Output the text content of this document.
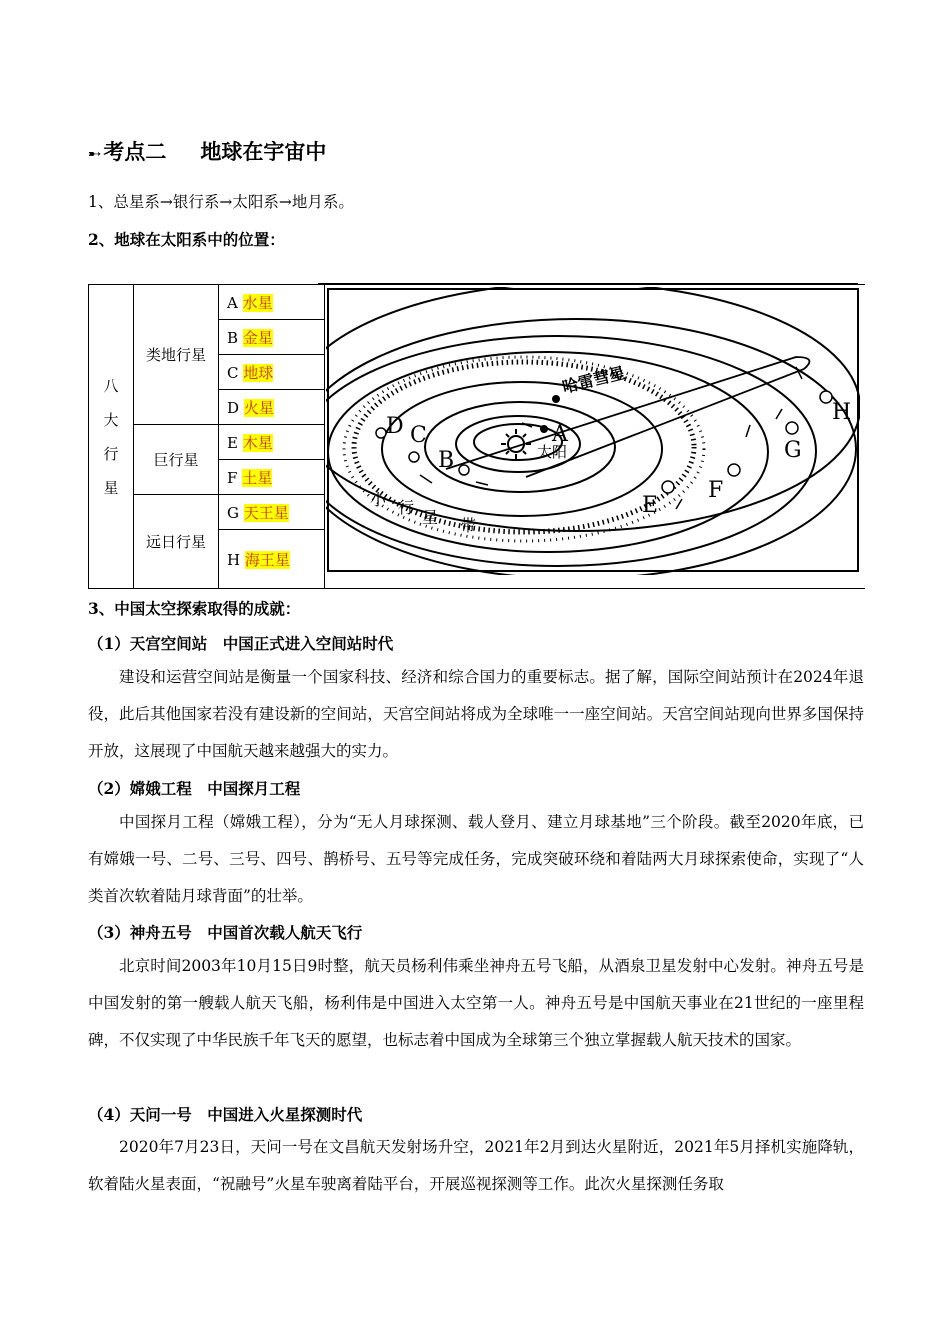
➸考点二 地球在宇宙中
1、总星系→银行系→太阳系→地月系。
2、地球在太阳系中的位置：
八
大
行
星	类地行星	A 水星	
		B 金星	
		C 地球	
		D 火星	
	巨行星	E 木星	
		F 土星	
	远日行星	G 天王星	
		H 海王星	
A
B
C
D
E
F
G
H
太阳
哈雷彗星
小 行
星 带
3、中国太空探索取得的成就：
（1）天宫空间站　中国正式进入空间站时代
建设和运营空间站是衡量一个国家科技、经济和综合国力的重要标志。据了解，国际空间站预计在2024年退役，此后其他国家若没有建设新的空间站，天宫空间站将成为全球唯一一座空间站。天宫空间站现向世界多国保持开放，这展现了中国航天越来越强大的实力。
（2）嫦娥工程　中国探月工程
中国探月工程（嫦娥工程），分为“无人月球探测、载人登月、建立月球基地”三个阶段。截至2020年底，已有嫦娥一号、二号、三号、四号、鹊桥号、五号等完成任务，完成突破环绕和着陆两大月球探索使命，实现了“人类首次软着陆月球背面”的壮举。
（3）神舟五号　中国首次载人航天飞行
北京时间2003年10月15日9时整，航天员杨利伟乘坐神舟五号飞船，从酒泉卫星发射中心发射。神舟五号是中国发射的第一艘载人航天飞船，杨利伟是中国进入太空第一人。神舟五号是中国航天事业在21世纪的一座里程碑，不仅实现了中华民族千年飞天的愿望，也标志着中国成为全球第三个独立掌握载人航天技术的国家。
（4）天问一号　中国进入火星探测时代
2020年7月23日，天问一号在文昌航天发射场升空，2021年2月到达火星附近，2021年5月择机实施降轨，软着陆火星表面，“祝融号”火星车驶离着陆平台，开展巡视探测等工作。此次火星探测任务取
